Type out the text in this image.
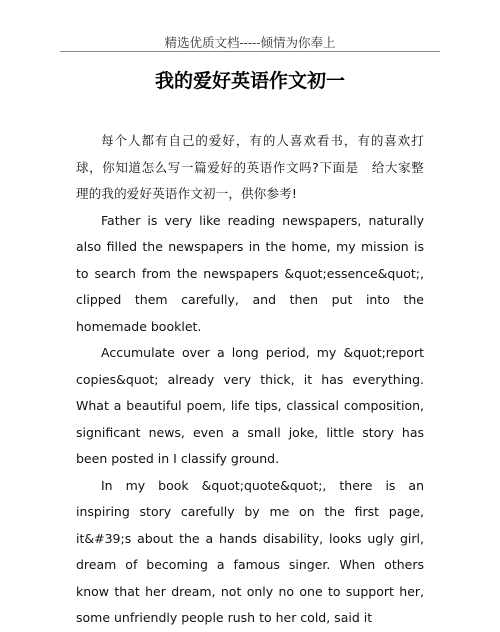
精选优质文档-----倾情为你奉上
我的爱好英语作文初一

每个人都有自己的爱好，有的人喜欢看书，有的喜欢打球，你知道怎么写一篇爱好的英语作文吗?下面是　给大家整理的我的爱好英语作文初一，供你参考!

Father is very like reading newspapers, naturally also filled the newspapers in the home, my mission is to search from the newspapers &quot;essence&quot;, clipped them carefully, and then put into the homemade booklet.

Accumulate over a long period, my &quot;report copies&quot; already very thick, it has everything. What a beautiful poem, life tips, classical composition, significant news, even a small joke, little story has been posted in I classify ground.

In my book &quot;quote&quot;, there is an inspiring story carefully by me on the first page, it&#39;s about the a hands disability, looks ugly girl, dream of becoming a famous singer. When others know that her dream, not only no one to support her, some unfriendly people rush to her cold, said it
